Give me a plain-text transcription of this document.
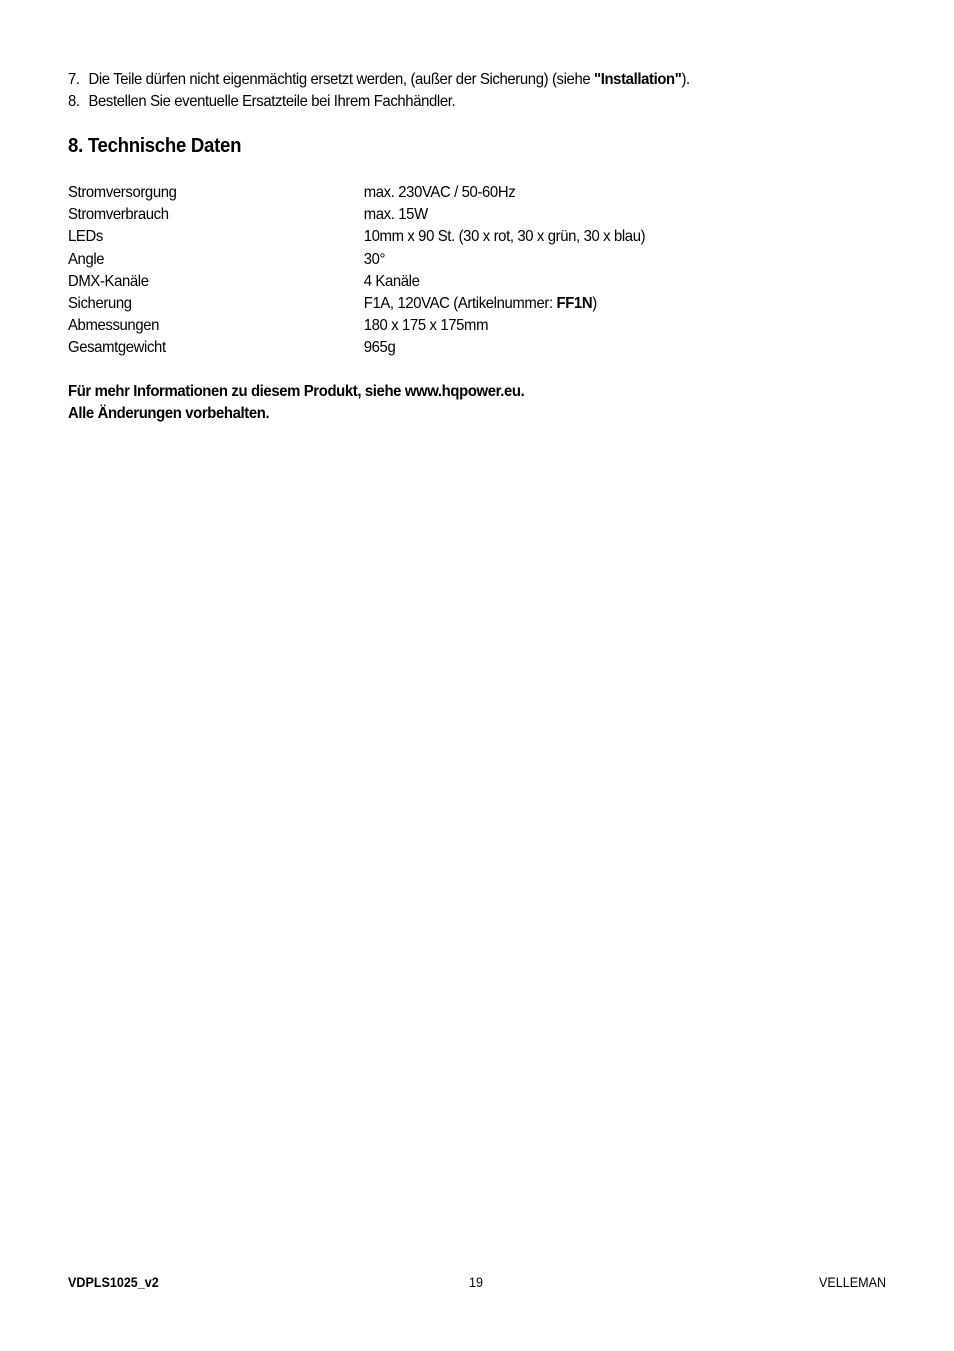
7. Die Teile dürfen nicht eigenmächtig ersetzt werden, (außer der Sicherung) (siehe "Installation").
8. Bestellen Sie eventuelle Ersatzteile bei Ihrem Fachhändler.
8. Technische Daten
Stromversorgung	max. 230VAC / 50-60Hz
Stromverbrauch	max. 15W
LEDs	10mm x 90 St. (30 x rot, 30 x grün, 30 x blau)
Angle	30°
DMX-Kanäle	4 Kanäle
Sicherung	F1A, 120VAC (Artikelnummer: FF1N)
Abmessungen	180 x 175 x 175mm
Gesamtgewicht	965g
Für mehr Informationen zu diesem Produkt, siehe www.hqpower.eu.
Alle Änderungen vorbehalten.
VDPLS1025_v2	19	VELLEMAN
